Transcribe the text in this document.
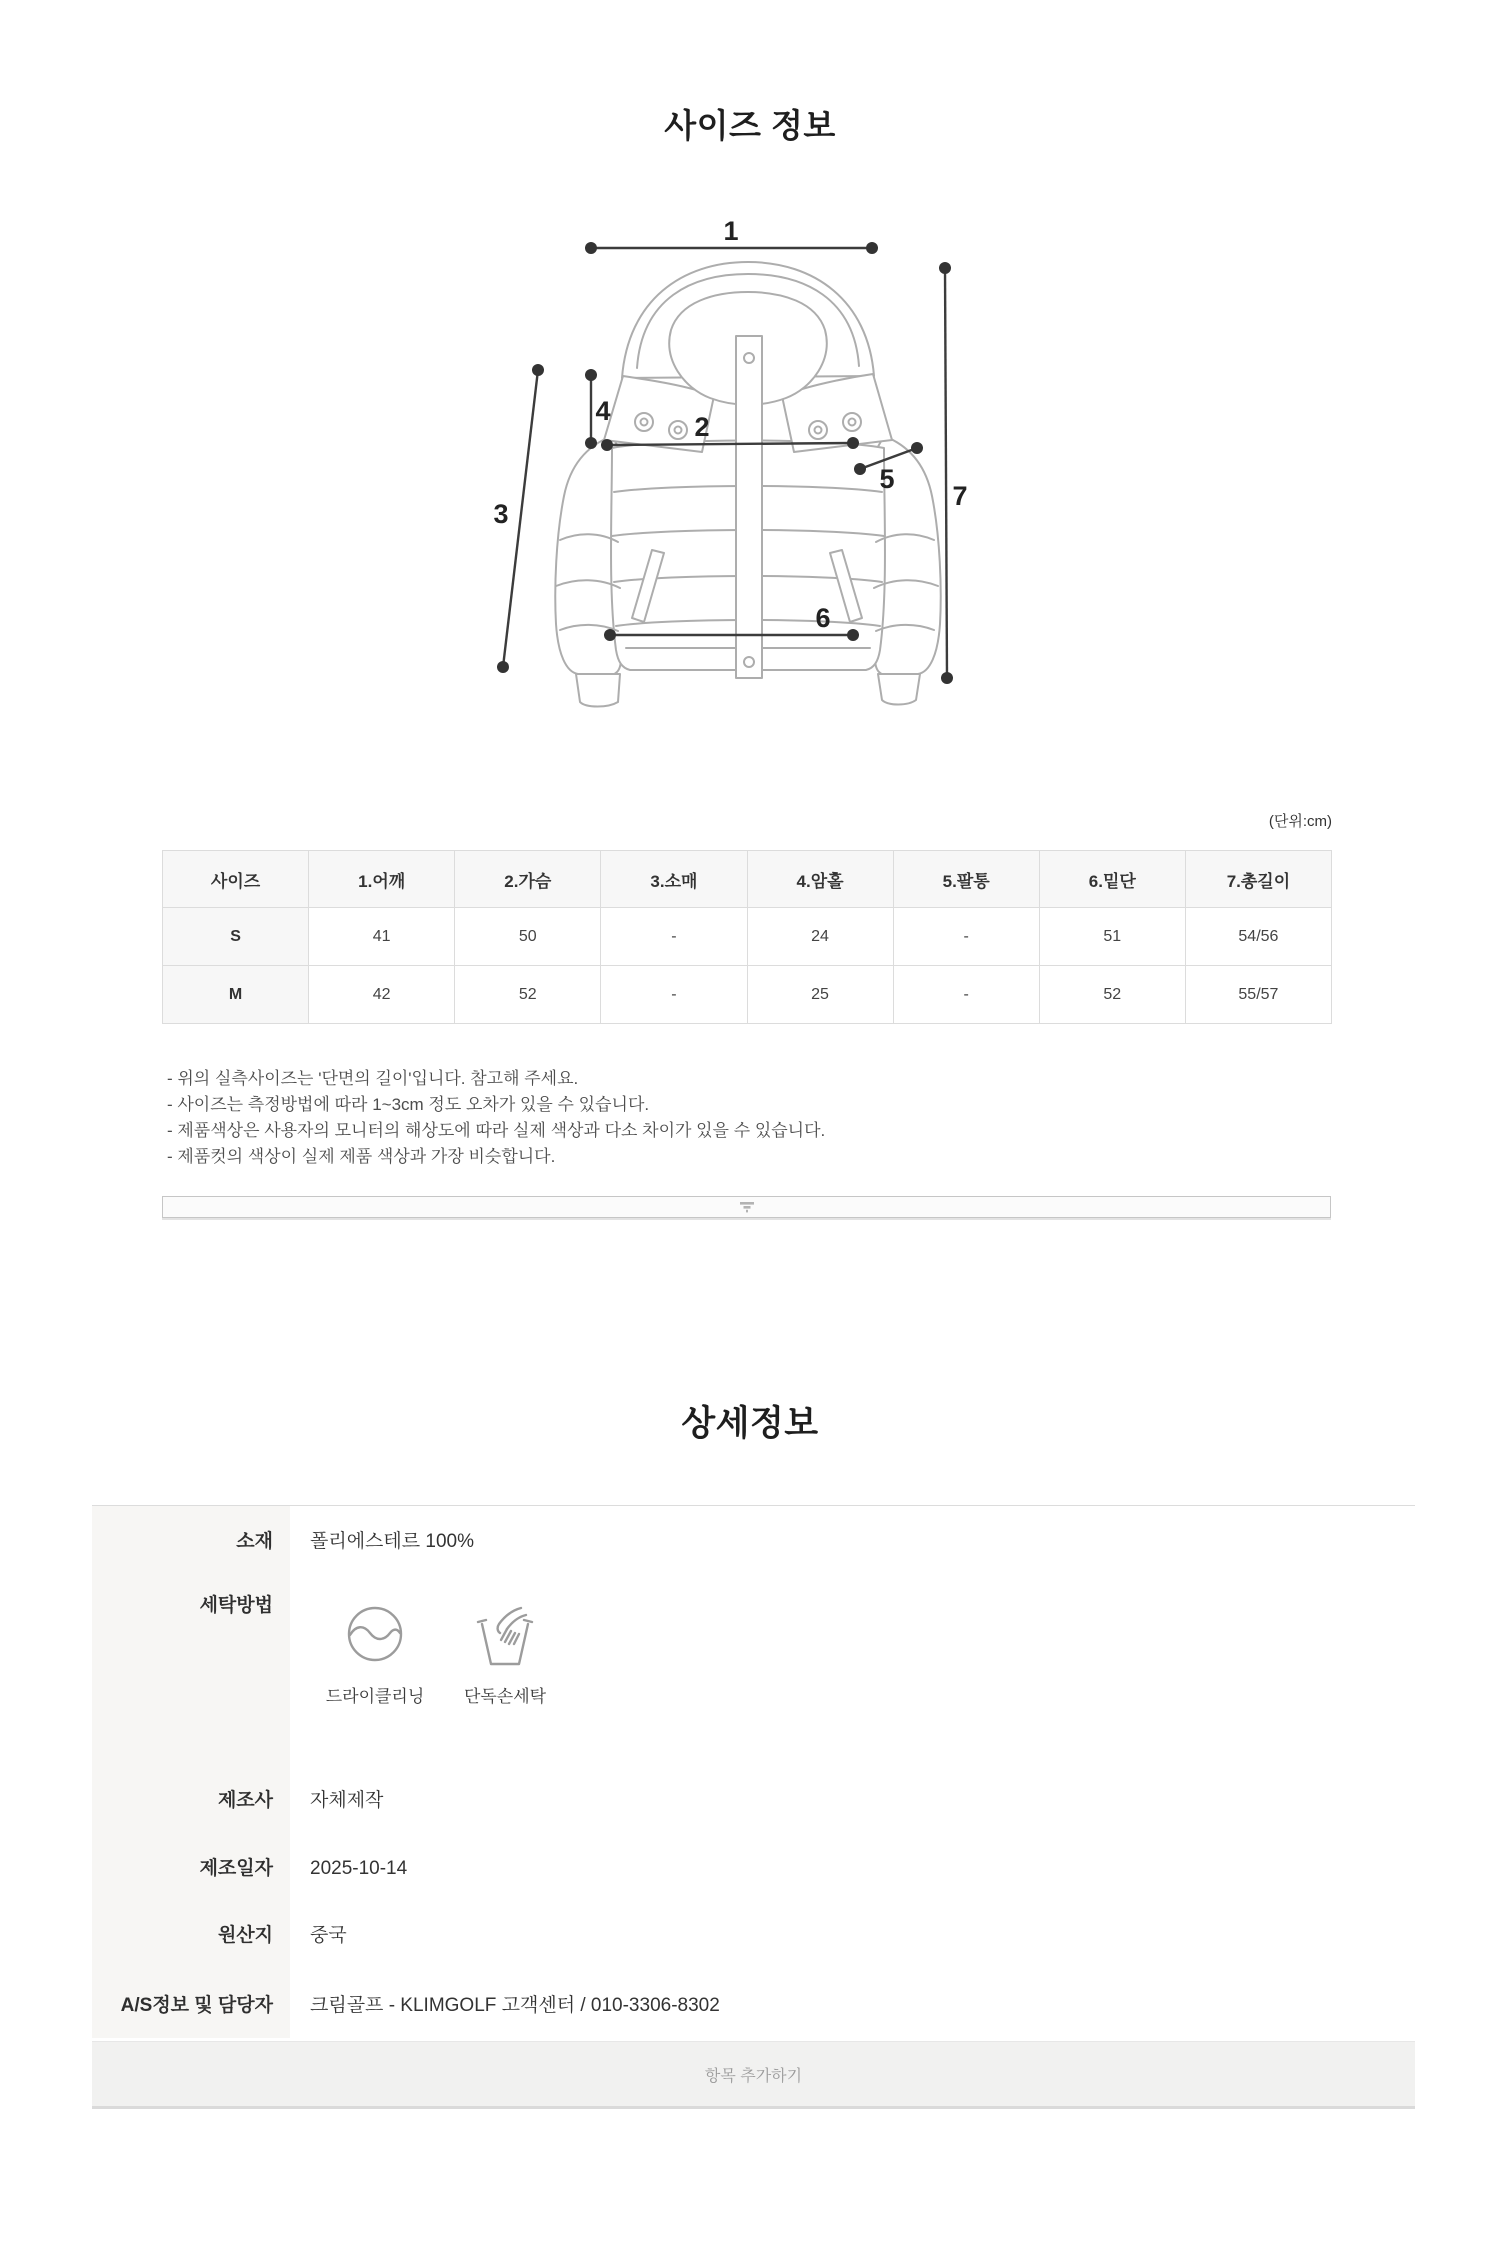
사이즈 정보
1
2
3
4
5
6
7
(단위:cm)
사이즈	1.어깨	2.가슴	3.소매	4.암홀	5.팔통	6.밑단	7.총길이
S	41	50	-	24	-	51	54/56
M	42	52	-	25	-	52	55/57

- 위의 실측사이즈는 '단면의 길이'입니다. 참고해 주세요.

- 사이즈는 측정방법에 따라 1~3cm 정도 오차가 있을 수 있습니다.

- 제품색상은 사용자의 모니터의 해상도에 따라 실제 색상과 다소 차이가 있을 수 있습니다.

- 제품컷의 색상이 실제 제품 색상과 가장 비슷합니다.

상세정보
소재 폴리에스테르 100%
세탁방법
드라이클리닝 단독손세탁
제조사 자체제작
제조일자 2025-10-14
원산지 중국
A/S정보 및 담당자 크림골프 - KLIMGOLF 고객센터 / 010-3306-8302
항목 추가하기
